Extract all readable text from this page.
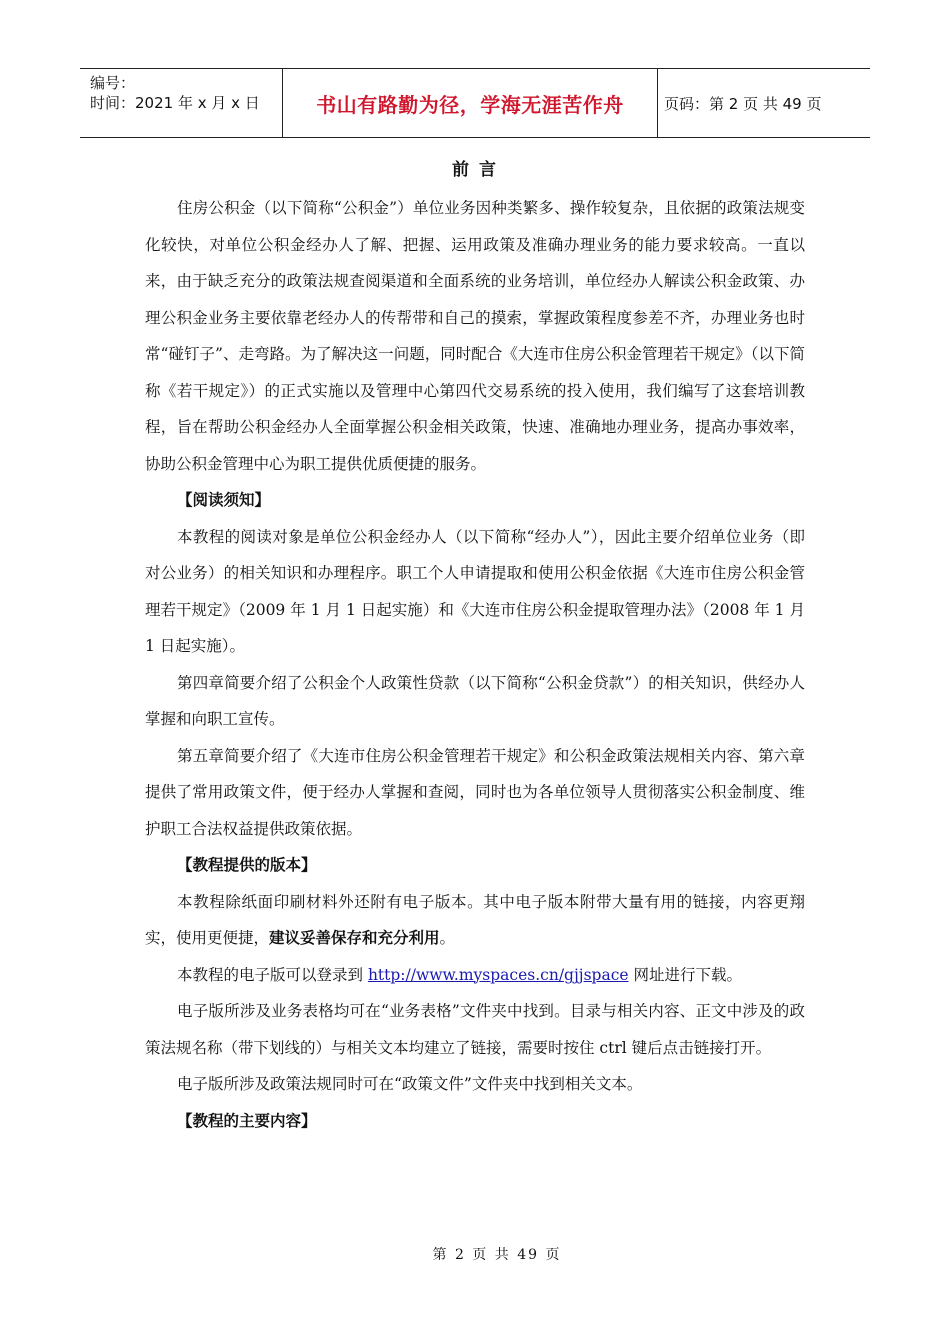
编号：
时间：2021 年 x 月 x 日	书山有路勤为径，学海无涯苦作舟	页码：第 2 页 共 49 页
前言

住房公积金（以下简称“公积金”）单位业务因种类繁多、操作较复杂，且依据的政策法规变化较快，对单位公积金经办人了解、把握、运用政策及准确办理业务的能力要求较高。一直以来，由于缺乏充分的政策法规查阅渠道和全面系统的业务培训，单位经办人解读公积金政策、办理公积金业务主要依靠老经办人的传帮带和自己的摸索，掌握政策程度参差不齐，办理业务也时常“碰钉子”、走弯路。为了解决这一问题，同时配合《大连市住房公积金管理若干规定》（以下简称《若干规定》）的正式实施以及管理中心第四代交易系统的投入使用，我们编写了这套培训教程，旨在帮助公积金经办人全面掌握公积金相关政策，快速、准确地办理业务，提高办事效率，协助公积金管理中心为职工提供优质便捷的服务。

【阅读须知】

本教程的阅读对象是单位公积金经办人（以下简称“经办人”），因此主要介绍单位业务（即对公业务）的相关知识和办理程序。职工个人申请提取和使用公积金依据《大连市住房公积金管理若干规定》（2009 年 1 月 1 日起实施）和《大连市住房公积金提取管理办法》（2008 年 1 月 1 日起实施）。

第四章简要介绍了公积金个人政策性贷款（以下简称“公积金贷款”）的相关知识，供经办人掌握和向职工宣传。

第五章简要介绍了《大连市住房公积金管理若干规定》和公积金政策法规相关内容、第六章提供了常用政策文件，便于经办人掌握和查阅，同时也为各单位领导人贯彻落实公积金制度、维护职工合法权益提供政策依据。

【教程提供的版本】

本教程除纸面印刷材料外还附有电子版本。其中电子版本附带大量有用的链接，内容更翔实，使用更便捷，建议妥善保存和充分利用。

本教程的电子版可以登录到 http://www.myspaces.cn/gjjspace 网址进行下载。

电子版所涉及业务表格均可在“业务表格”文件夹中找到。目录与相关内容、正文中涉及的政策法规名称（带下划线的）与相关文本均建立了链接，需要时按住 ctrl 键后点击链接打开。

电子版所涉及政策法规同时可在“政策文件”文件夹中找到相关文本。

【教程的主要内容】

第 2 页 共 49 页
